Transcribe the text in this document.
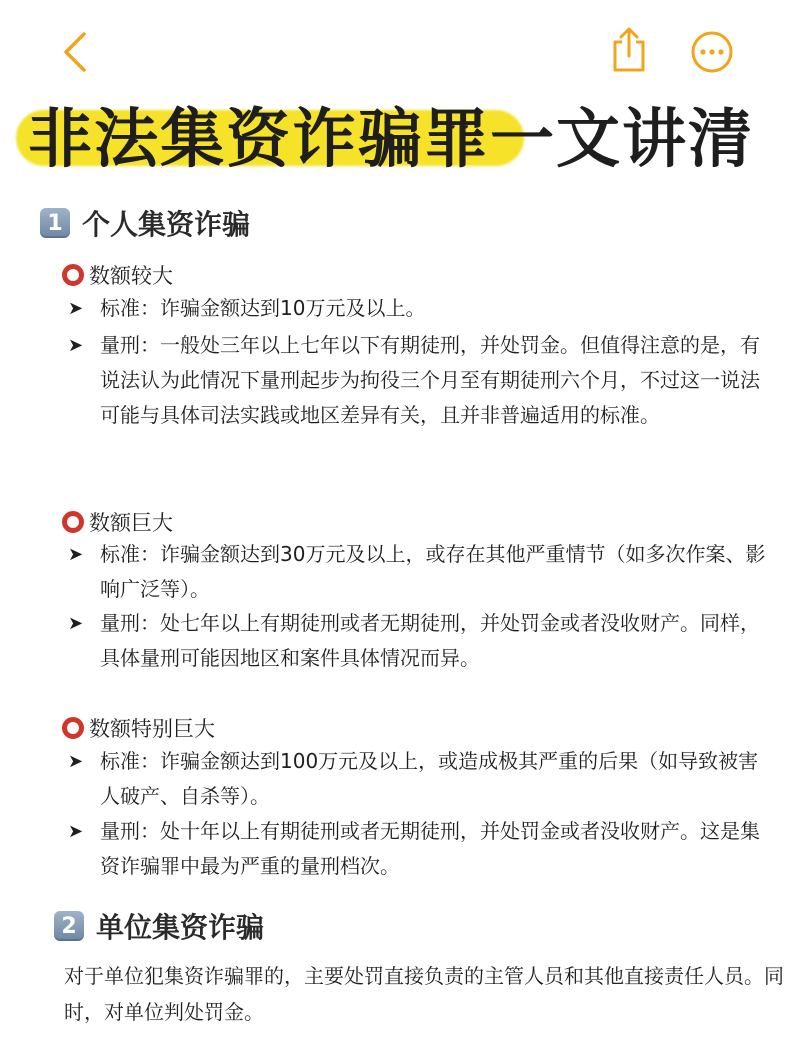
非法集资诈骗罪一文讲清
1 个人集资诈骗
数额较大
➤ 标准：诈骗金额达到10万元及以上。
➤ 量刑：一般处三年以上七年以下有期徒刑，并处罚金。但值得注意的是，有说法认为此情况下量刑起步为拘役三个月至有期徒刑六个月，不过这一说法可能与具体司法实践或地区差异有关，且并非普遍适用的标准。
数额巨大
➤ 标准：诈骗金额达到30万元及以上，或存在其他严重情节（如多次作案、影响广泛等）。
➤ 量刑：处七年以上有期徒刑或者无期徒刑，并处罚金或者没收财产。同样，具体量刑可能因地区和案件具体情况而异。
数额特别巨大
➤ 标准：诈骗金额达到100万元及以上，或造成极其严重的后果（如导致被害人破产、自杀等）。
➤ 量刑：处十年以上有期徒刑或者无期徒刑，并处罚金或者没收财产。这是集资诈骗罪中最为严重的量刑档次。
2 单位集资诈骗
对于单位犯集资诈骗罪的，主要处罚直接负责的主管人员和其他直接责任人员。同时，对单位判处罚金。
